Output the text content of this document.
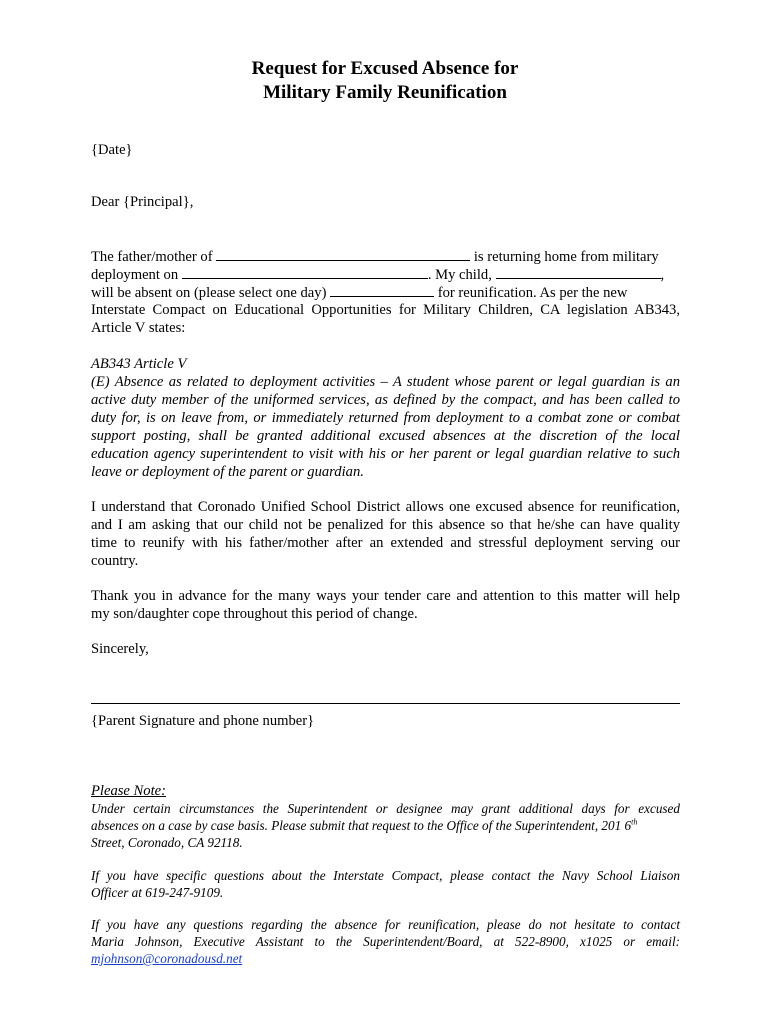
Request for Excused Absence for
Military Family Reunification
{Date}
Dear {Principal},
The father/mother of	is returning home from military
deployment on	. My child,	,
will be absent on (please select one day)	for reunification. As per the new
Interstate Compact on Educational Opportunities for Military Children, CA legislation AB343,
Article V states:
AB343 Article V
(E) Absence as related to deployment activities – A student whose parent or legal guardian is an
active duty member of the uniformed services, as defined by the compact, and has been called to
duty for, is on leave from, or immediately returned from deployment to a combat zone or combat
support posting, shall be granted additional excused absences at the discretion of the local
education agency superintendent to visit with his or her parent or legal guardian relative to such
leave or deployment of the parent or guardian.
I understand that Coronado Unified School District allows one excused absence for reunification,
and I am asking that our child not be penalized for this absence so that he/she can have quality
time to reunify with his father/mother after an extended and stressful deployment serving our
country.
Thank you in advance for the many ways your tender care and attention to this matter will help
my son/daughter cope throughout this period of change.
Sincerely,
{Parent Signature and phone number}
Please Note:
Under certain circumstances the Superintendent or designee may grant additional days for excused
absences on a case by case basis. Please submit that request to the Office of the Superintendent, 201 6th
Street, Coronado, CA 92118.
If you have specific questions about the Interstate Compact, please contact the Navy School Liaison
Officer at 619-247-9109.
If you have any questions regarding the absence for reunification, please do not hesitate to contact
Maria Johnson, Executive Assistant to the Superintendent/Board, at 522-8900, x1025 or email:
mjohnson@coronadousd.net
